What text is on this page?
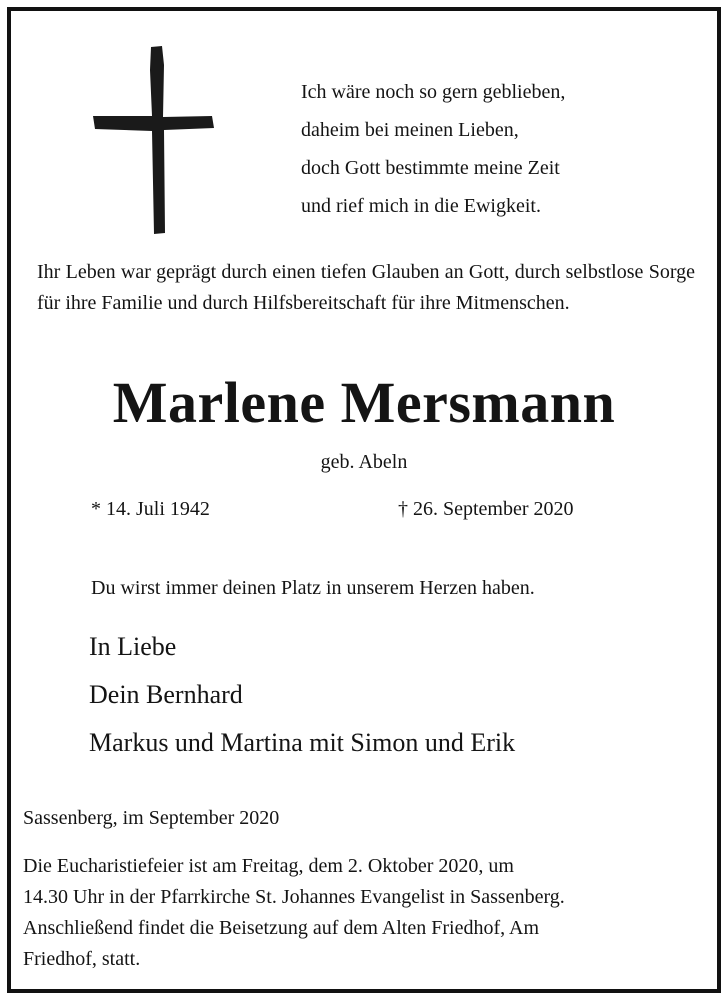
Ich wäre noch so gern geblieben,
daheim bei meinen Lieben,
doch Gott bestimmte meine Zeit
und rief mich in die Ewigkeit.
Ihr Leben war geprägt durch einen tiefen Glauben an Gott, durch selbstlose Sorge für ihre Familie und durch Hilfsbereitschaft für ihre Mitmenschen.
Marlene Mersmann
geb. Abeln
* 14. Juli 1942	† 26. September 2020
Du wirst immer deinen Platz in unserem Herzen haben.
In Liebe
Dein Bernhard
Markus und Martina mit Simon und Erik
Sassenberg, im September 2020
Die Eucharistiefeier ist am Freitag, dem 2. Oktober 2020, um
14.30 Uhr in der Pfarrkirche St. Johannes Evangelist in Sassenberg.
Anschließend findet die Beisetzung auf dem Alten Friedhof, Am
Friedhof, statt.
